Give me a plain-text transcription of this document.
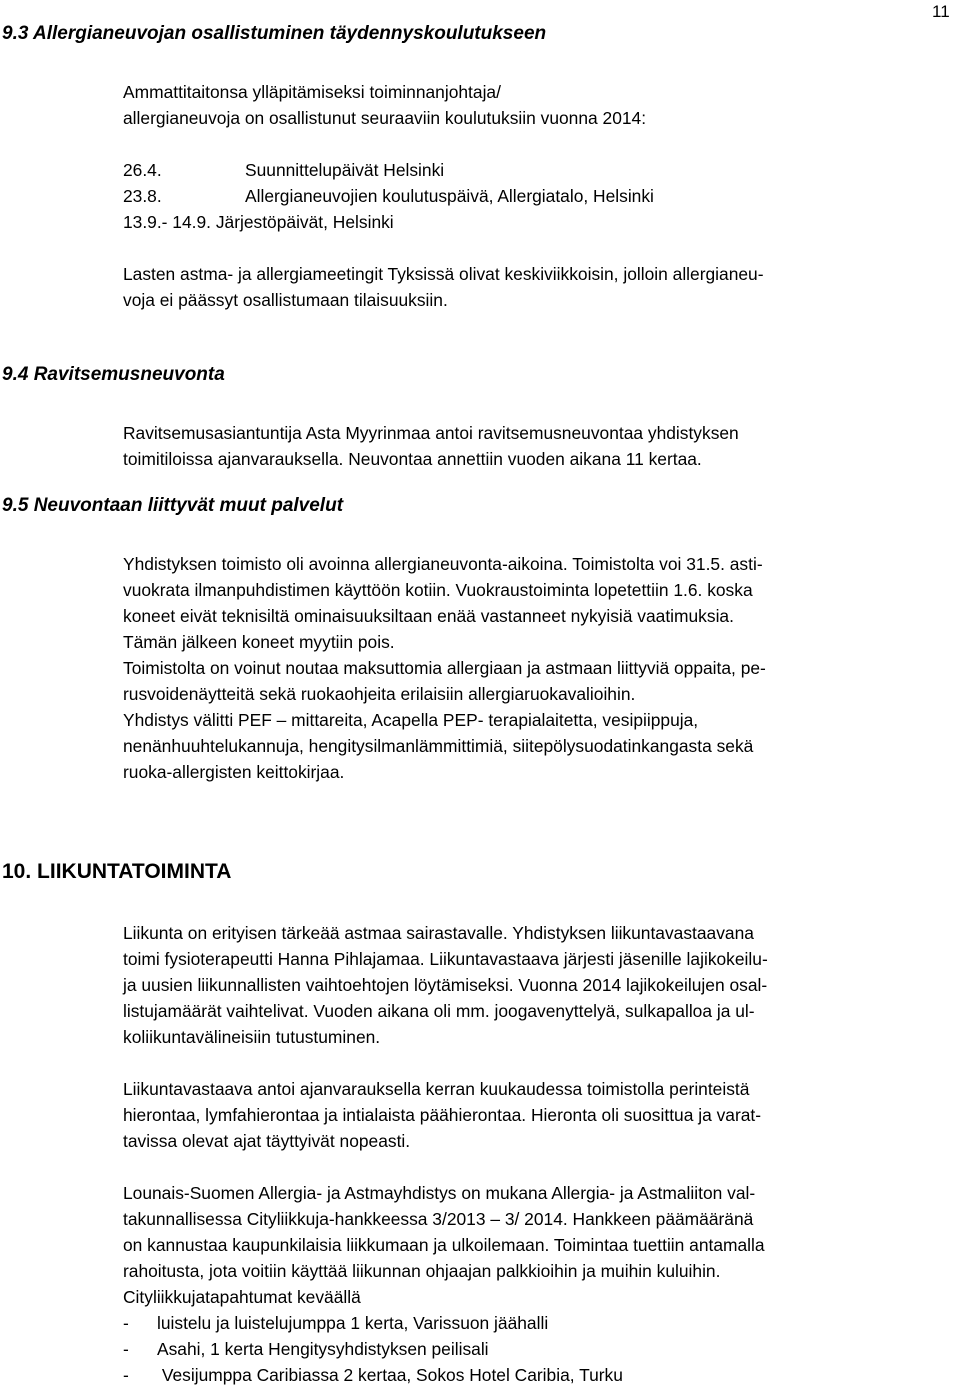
11
9.3 Allergianeuvojan osallistuminen täydennyskoulutukseen
Ammattitaitonsa ylläpitämiseksi toiminnanjohtaja/
allergianeuvoja on osallistunut seuraaviin koulutuksiin vuonna 2014:
26.4.	Suunnittelupäivät Helsinki
23.8.	Allergianeuvojien koulutuspäivä, Allergiatalo, Helsinki
13.9.- 14.9. Järjestöpäivät, Helsinki
Lasten astma- ja allergiameetingit Tyksissä olivat keskiviikkoisin, jolloin allergianeu-
voja ei päässyt osallistumaan tilaisuuksiin.
9.4 Ravitsemusneuvonta
Ravitsemusasiantuntija Asta Myyrinmaa antoi ravitsemusneuvontaa yhdistyksen
toimitiloissa ajanvarauksella. Neuvontaa annettiin vuoden aikana 11 kertaa.
9.5 Neuvontaan liittyvät muut palvelut
Yhdistyksen toimisto oli avoinna allergianeuvonta-aikoina. Toimistolta voi 31.5. asti-
vuokrata ilmanpuhdistimen käyttöön kotiin. Vuokraustoiminta lopetettiin 1.6. koska
koneet eivät teknisiltä ominaisuuksiltaan enää vastanneet nykyisiä vaatimuksia.
Tämän jälkeen koneet myytiin pois.
Toimistolta on voinut noutaa maksuttomia allergiaan ja astmaan liittyviä oppaita, pe-
rusvoidenäytteitä sekä ruokaohjeita erilaisiin allergiaruokavalioihin.
Yhdistys välitti PEF – mittareita, Acapella PEP- terapialaitetta, vesipiippuja,
nenänhuuhtelukannuja, hengitysilmanlämmittimiä, siitepölysuodatinkangasta sekä
ruoka-allergisten keittokirjaa.
10. LIIKUNTATOIMINTA
Liikunta on erityisen tärkeää astmaa sairastavalle. Yhdistyksen liikuntavastaavana
toimi fysioterapeutti Hanna Pihlajamaa. Liikuntavastaava järjesti jäsenille lajikokeilu-
ja uusien liikunnallisten vaihtoehtojen löytämiseksi. Vuonna 2014 lajikokeilujen osal-
listujamäärät vaihtelivat. Vuoden aikana oli mm. joogavenyttelyä, sulkapalloa ja ul-
koliikuntavälineisiin tutustuminen.
Liikuntavastaava antoi ajanvarauksella kerran kuukaudessa toimistolla perinteistä
hierontaa, lymfahierontaa ja intialaista päähierontaa. Hieronta oli suosittua ja varat-
tavissa olevat ajat täyttyivät nopeasti.
Lounais-Suomen Allergia- ja Astmayhdistys on mukana Allergia- ja Astmaliiton val-
takunnallisessa Cityliikkuja-hankkeessa 3/2013 – 3/ 2014. Hankkeen päämääränä
on kannustaa kaupunkilaisia liikkumaan ja ulkoilemaan. Toimintaa tuettiin antamalla
rahoitusta, jota voitiin käyttää liikunnan ohjaajan palkkioihin ja muihin kuluihin.
Cityliikkujatapahtumat keväällä
- luistelu ja luistelujumppa 1 kerta, Varissuon jäähalli
- Asahi, 1 kerta Hengitysyhdistyksen peilisali
- Vesijumppa Caribiassa 2 kertaa, Sokos Hotel Caribia, Turku
